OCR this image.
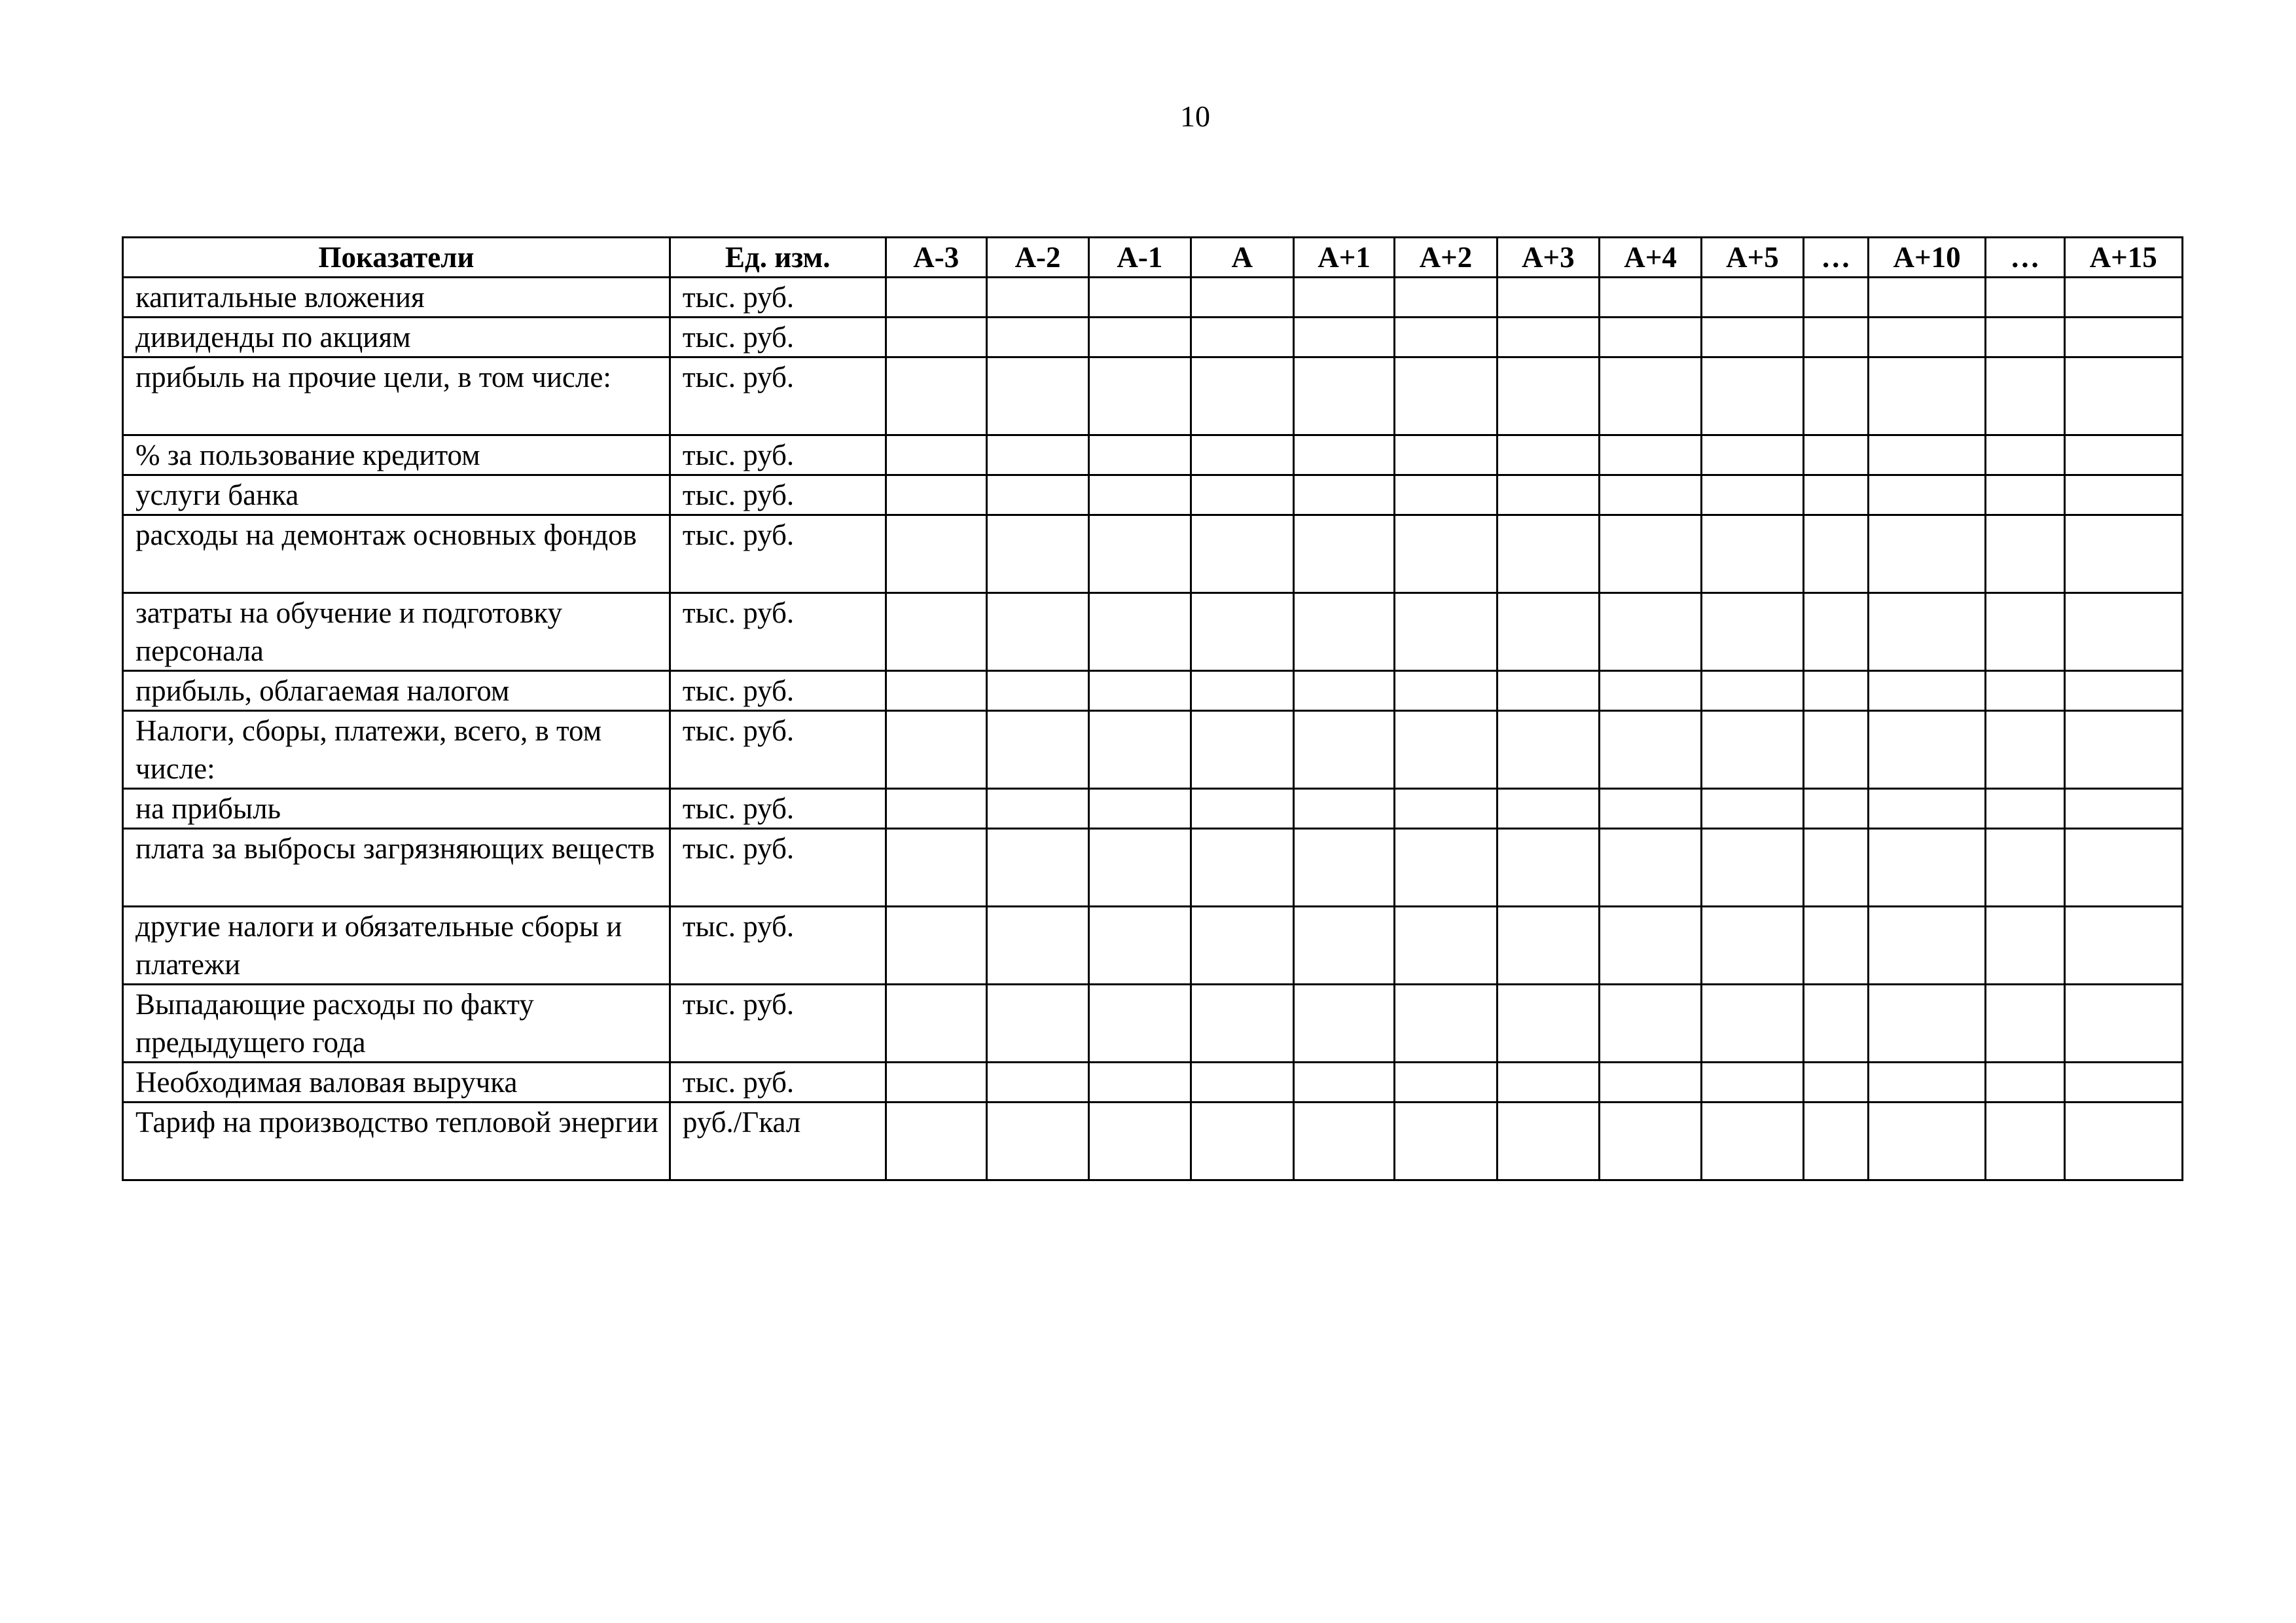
10
Показатели	Ед. изм.	А-3	А-2	А-1	А	А+1	А+2	А+3	А+4	А+5	…	А+10	…	А+15
капитальные вложения	тыс. руб.													
дивиденды по акциям	тыс. руб.													
прибыль на прочие цели, в том числе:	тыс. руб.													
% за пользование кредитом	тыс. руб.													
услуги банка	тыс. руб.													
расходы на демонтаж основных фондов	тыс. руб.													
затраты на обучение и подготовку персонала	тыс. руб.													
прибыль, облагаемая налогом	тыс. руб.													
Налоги, сборы, платежи, всего, в том числе:	тыс. руб.													
на прибыль	тыс. руб.													
плата за выбросы загрязняющих веществ	тыс. руб.													
другие налоги и обязательные сборы и платежи	тыс. руб.													
Выпадающие расходы по факту предыдущего года	тыс. руб.													
Необходимая валовая выручка	тыс. руб.													
Тариф на производство тепловой энергии	руб./Гкал													
